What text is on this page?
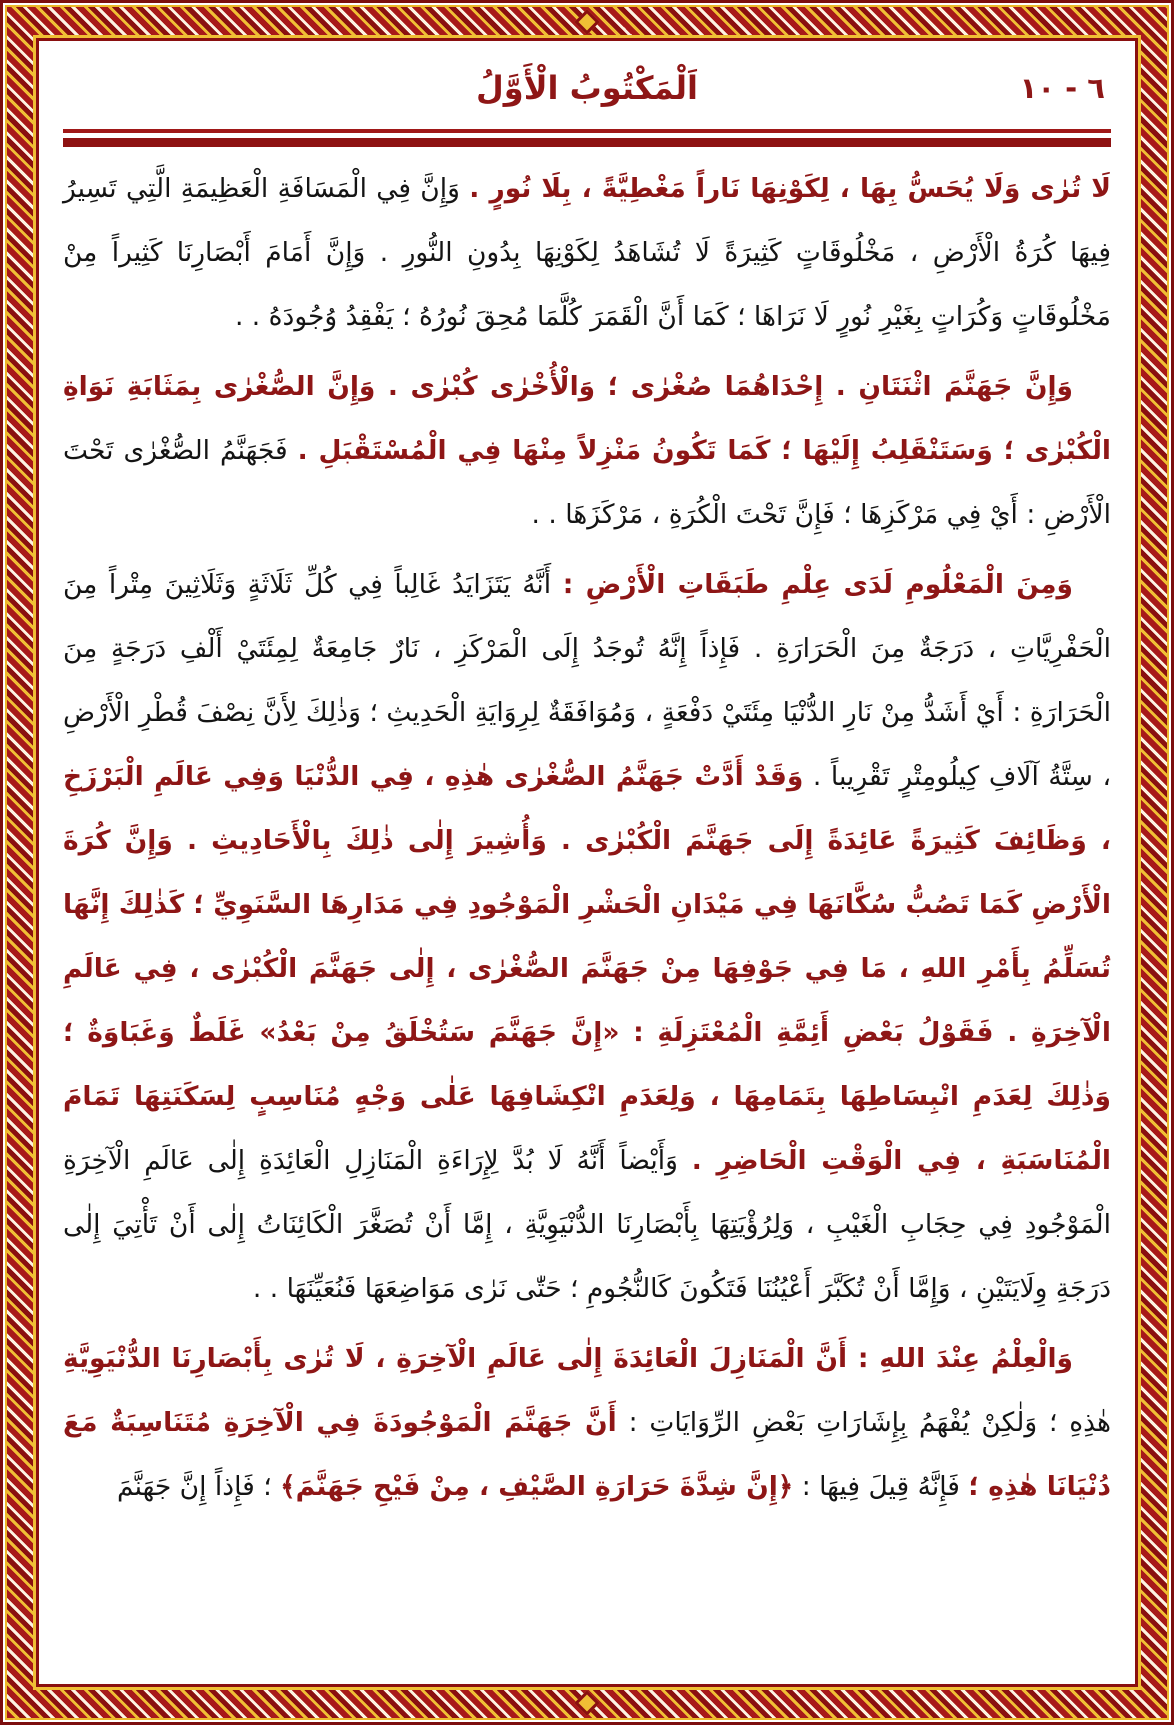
١٠ - ٦
اَلْمَكْتُوبُ الْأَوَّلُ

لَا تُرٰى وَلَا يُحَسُّ بِهَا ، لِكَوْنِهَا نَاراً مَغْطِيَّةً ، بِلَا نُورٍ . وَإِنَّ فِي الْمَسَافَةِ الْعَظِيمَةِ الَّتِي تَسِيرُ فِيهَا كُرَةُ الْأَرْضِ ، مَخْلُوقَاتٍ كَثِيرَةً لَا تُشَاهَدُ لِكَوْنِهَا بِدُونِ النُّورِ . وَإِنَّ أَمَامَ أَبْصَارِنَا كَثِيراً مِنْ مَخْلُوقَاتٍ وَكُرَاتٍ بِغَيْرِ نُورٍ لَا نَرَاهَا ؛ كَمَا أَنَّ الْقَمَرَ كُلَّمَا مُحِقَ نُورُهُ ؛ يَفْقِدُ وُجُودَهُ . .

وَإِنَّ جَهَنَّمَ اثْنَتَانِ . إِحْدَاهُمَا صُغْرٰى ؛ وَالْأُخْرٰى كُبْرٰى . وَإِنَّ الصُّغْرٰى بِمَثَابَةِ نَوَاةِ الْكُبْرٰى ؛ وَسَتَنْقَلِبُ إِلَيْهَا ؛ كَمَا تَكُونُ مَنْزِلاً مِنْهَا فِي الْمُسْتَقْبَلِ . فَجَهَنَّمُ الصُّغْرٰى تَحْتَ الْأَرْضِ : أَيْ فِي مَرْكَزِهَا ؛ فَإِنَّ تَحْتَ الْكُرَةِ ، مَرْكَزَهَا . .

وَمِنَ الْمَعْلُومِ لَدَى عِلْمِ طَبَقَاتِ الْأَرْضِ : أَنَّهُ يَتَزَايَدُ غَالِباً فِي كُلِّ ثَلَاثَةٍ وَثَلَاثِينَ مِتْراً مِنَ الْحَفْرِيَّاتِ ، دَرَجَةٌ مِنَ الْحَرَارَةِ . فَإِذاً إِنَّهُ تُوجَدُ إِلَى الْمَرْكَزِ ، نَارٌ جَامِعَةٌ لِمِئَتَيْ أَلْفِ دَرَجَةٍ مِنَ الْحَرَارَةِ : أَيْ أَشَدُّ مِنْ نَارِ الدُّنْيَا مِئَتَيْ دَفْعَةٍ ، وَمُوَافَقَةٌ لِرِوَايَةِ الْحَدِيثِ ؛ وَذٰلِكَ لِأَنَّ نِصْفَ قُطْرِ الْأَرْضِ ، سِتَّةُ آلَافِ كِيلُومِتْرٍ تَقْرِيباً . وَقَدْ أَدَّتْ جَهَنَّمُ الصُّغْرٰى هٰذِهِ ، فِي الدُّنْيَا وَفِي عَالَمِ الْبَرْزَخِ ، وَظَائِفَ كَثِيرَةً عَائِدَةً إِلَى جَهَنَّمَ الْكُبْرٰى . وَأُشِيرَ إِلٰى ذٰلِكَ بِالْأَحَادِيثِ . وَإِنَّ كُرَةَ الْأَرْضِ كَمَا تَصُبُّ سُكَّانَهَا فِي مَيْدَانِ الْحَشْرِ الْمَوْجُودِ فِي مَدَارِهَا السَّنَوِيِّ ؛ كَذٰلِكَ إِنَّهَا تُسَلِّمُ بِأَمْرِ اللهِ ، مَا فِي جَوْفِهَا مِنْ جَهَنَّمَ الصُّغْرٰى ، إِلٰى جَهَنَّمَ الْكُبْرٰى ، فِي عَالَمِ الْآخِرَةِ . فَقَوْلُ بَعْضِ أَئِمَّةِ الْمُعْتَزِلَةِ : «إِنَّ جَهَنَّمَ سَتُخْلَقُ مِنْ بَعْدُ» غَلَطٌ وَغَبَاوَةٌ ؛ وَذٰلِكَ لِعَدَمِ انْبِسَاطِهَا بِتَمَامِهَا ، وَلِعَدَمِ انْكِشَافِهَا عَلٰى وَجْهٍ مُنَاسِبٍ لِسَكَنَتِهَا تَمَامَ الْمُنَاسَبَةِ ، فِي الْوَقْتِ الْحَاضِرِ . وَأَيْضاً أَنَّهُ لَا بُدَّ لِإِرَاءَةِ الْمَنَازِلِ الْعَائِدَةِ إِلٰى عَالَمِ الْآخِرَةِ الْمَوْجُودِ فِي حِجَابِ الْغَيْبِ ، وَلِرُؤْيَتِهَا بِأَبْصَارِنَا الدُّنْيَوِيَّةِ ، إِمَّا أَنْ تُصَغَّرَ الْكَائِنَاتُ إِلٰى أَنْ تَأْتِيَ إِلٰى دَرَجَةِ وِلَايَتَيْنِ ، وَإِمَّا أَنْ تُكَبَّرَ أَعْيُنُنَا فَتَكُونَ كَالنُّجُومِ ؛ حَتّٰى نَرٰى مَوَاضِعَهَا فَنُعَيِّنَهَا . .

وَالْعِلْمُ عِنْدَ اللهِ : أَنَّ الْمَنَازِلَ الْعَائِدَةَ إِلٰى عَالَمِ الْآخِرَةِ ، لَا تُرٰى بِأَبْصَارِنَا الدُّنْيَوِيَّةِ هٰذِهِ ؛ وَلٰكِنْ يُفْهَمُ بِإِشَارَاتِ بَعْضِ الرِّوَايَاتِ : أَنَّ جَهَنَّمَ الْمَوْجُودَةَ فِي الْآخِرَةِ مُتَنَاسِبَةٌ مَعَ دُنْيَانَا هٰذِهِ ؛ فَإِنَّهُ قِيلَ فِيهَا : ﴿إِنَّ شِدَّةَ حَرَارَةِ الصَّيْفِ ، مِنْ فَيْحِ جَهَنَّمَ﴾ ؛ فَإِذاً إِنَّ جَهَنَّمَ
